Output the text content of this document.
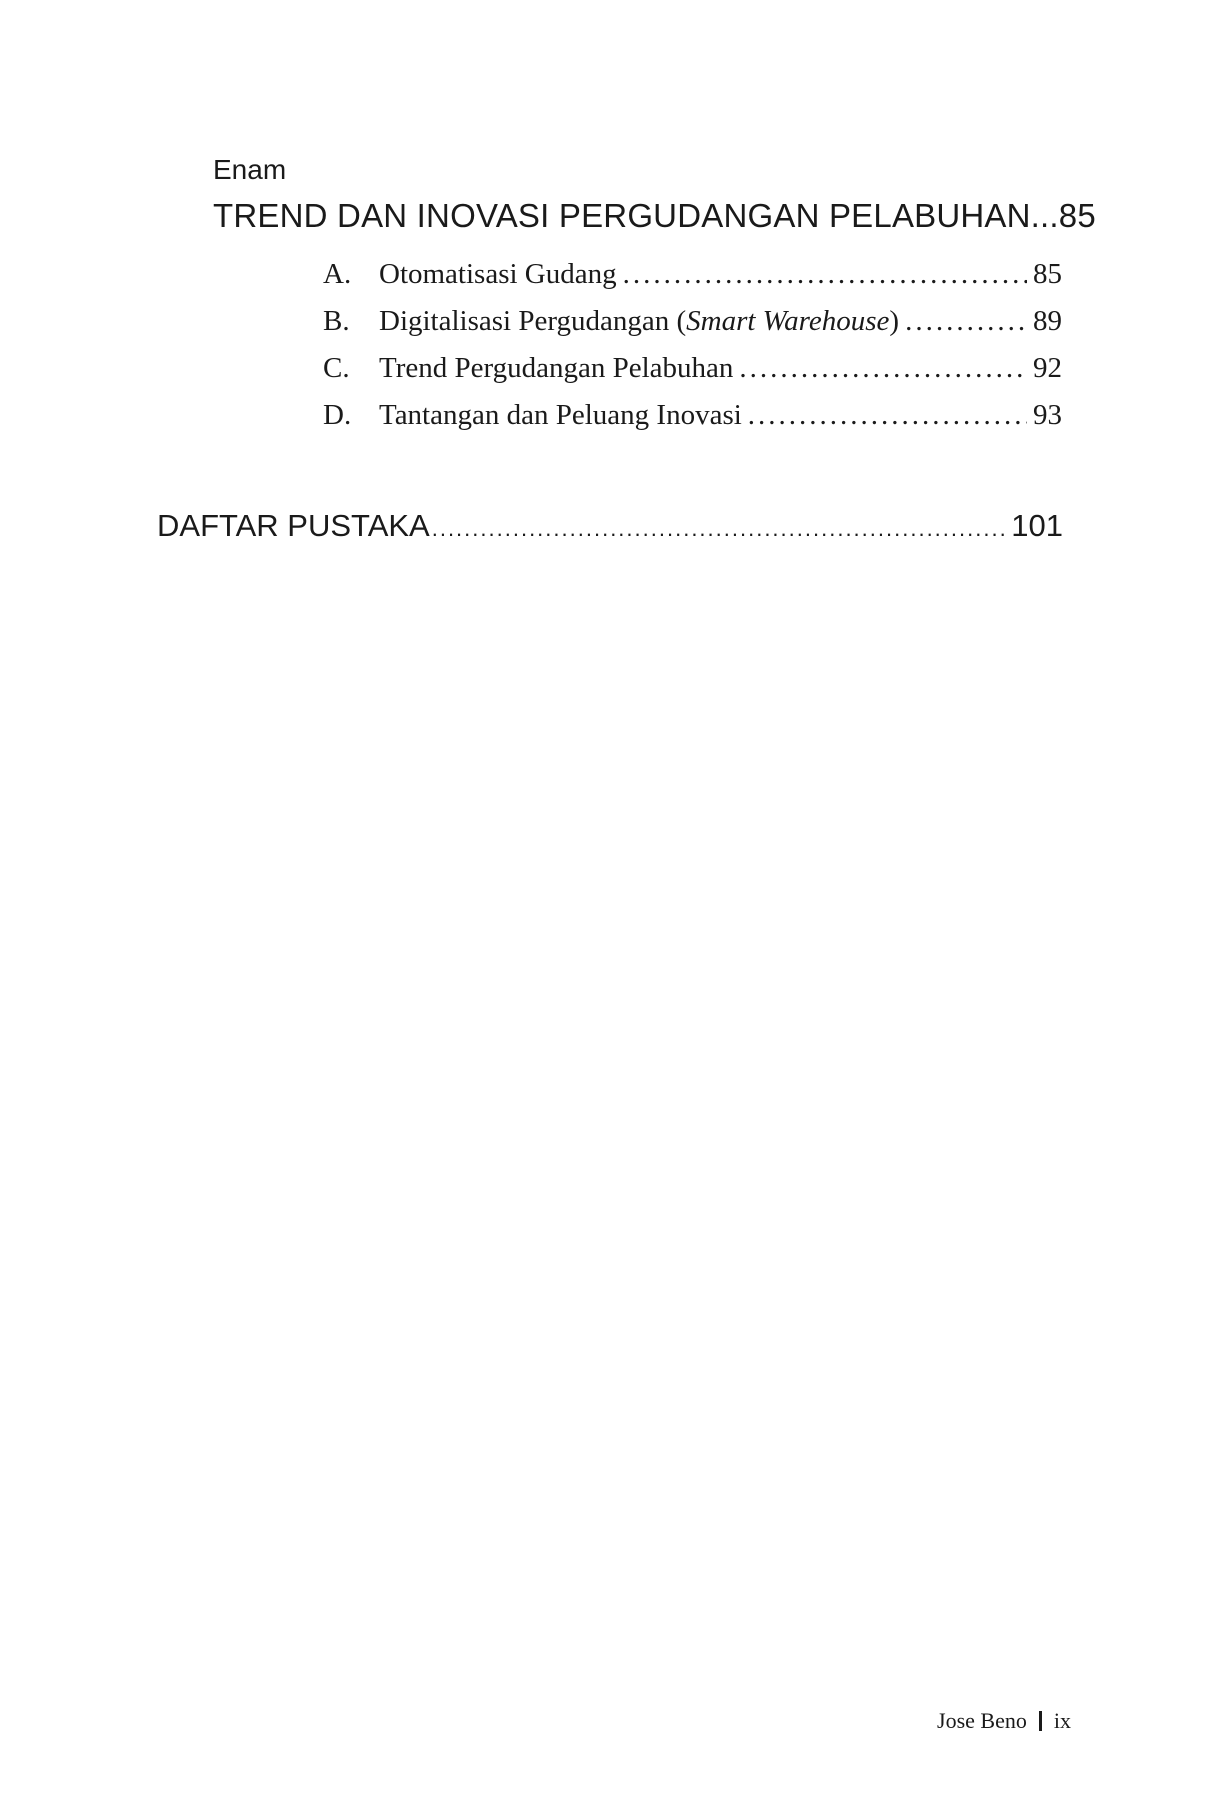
Enam
TREND DAN INOVASI PERGUDANGAN PELABUHAN...85
A. Otomatisasi Gudang .....	85
B.	Digitalisasi Pergudangan (Smart Warehouse) .....	89
C.	Trend Pergudangan Pelabuhan .....	92
D. Tantangan dan Peluang Inovasi .....	93
DAFTAR PUSTAKA .....	101
Jose Beno ix
